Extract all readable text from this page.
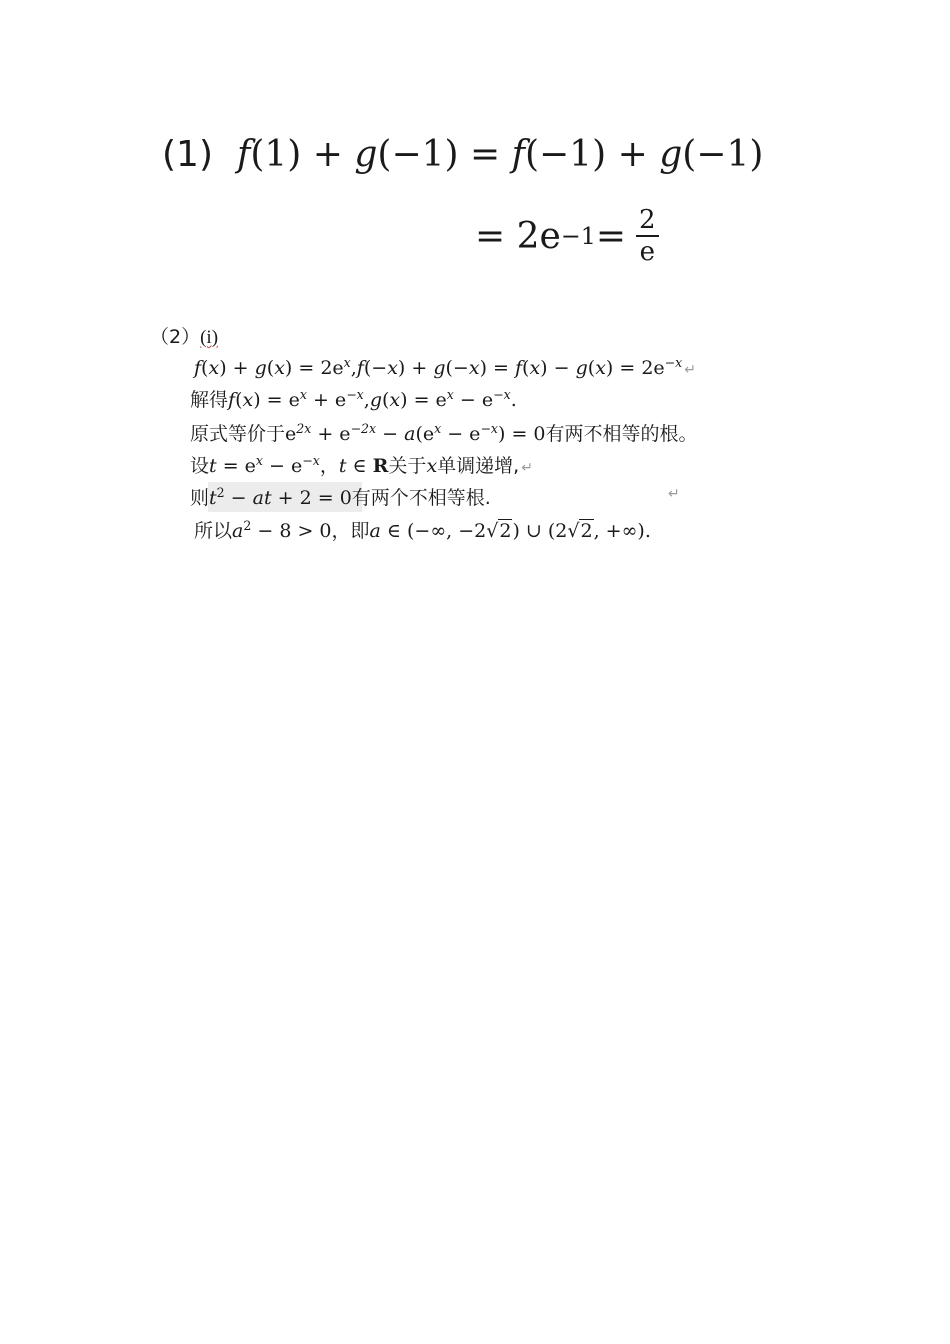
(1) f(1) + g(−1) = f(−1) + g(−1)
= $2e -1 = \frac{2}{e}$
（2）(i)
$f(x) + g(x) = 2e^x,f(-x) + g(-x) = f(x) - g(x) = 2e^{-x}$ ↵
解得$f(x) = e^x + e^{-x},g(x) = e^x - e^{-x}$.
原式等价于$e^{2x} + e^{-2x} - a(e^x - e^{-x}) = 0$有两不相等的根。
设$t = e^x - e^{-x}$，t ∈ R关于x单调递增, ↵
则$t^2$ − at + 2 = 0有两个不相等根.	↵
所以$a^2 - 8 > 0$，即a ∈ (−∞, −2√2) ∪ (2√2, +∞).
